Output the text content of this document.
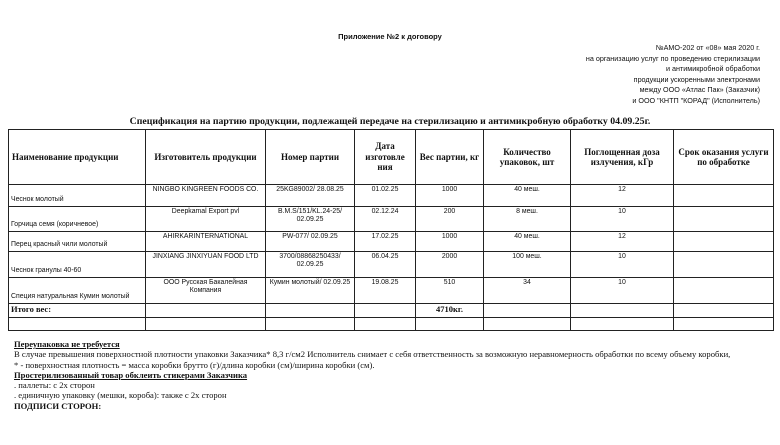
Приложение №2 к договору
№АМО-202 от «08» мая 2020 г.
на организацию услуг по проведению стерилизации
и антимикробной обработки
продукции ускоренными электронами
между ООО «Атлас Пак» (Заказчик)
и ООО "КНТП "КОРАД" (Исполнитель)
Спецификация на партию продукции, подлежащей передаче на стерилизацию и антимикробную обработку 04.09.25г.
Наименование продукции	Изготовитель продукции	Номер партии	Дата изготовле ния	Вес партии, кг	Количество упаковок, шт	Поглощенная доза излучения, кГр	Срок оказания услуги по обработке
Чеснок молотый	NINGBO KINGREEN FOODS CO.	25KG89002/ 28.08.25	01.02.25	1000	40 меш.	12	
Горчица семя (коричневое)	Deepkamal Export pvl	B.M.S/151/KL.24-25/ 02.09.25	02.12.24	200	8 меш.	10	
Перец красный чили молотый	AHIRKARINTERNATIONAL	PW-077/ 02.09.25	17.02.25	1000	40 меш.	12	
Чеснок гранулы 40-60	JINXIANG JINXIYUAN FOOD LTD	3700/08868250433/ 02.09.25	06.04.25	2000	100 меш.	10	
Специя натуральная Кумин молотый	ООО Русская Бакалейная Компания	Кумин молотый/ 02.09.25	19.08.25	510	34	10	
Итого вес:				4710кг.			

Переупаковка не требуется
В случае превышения поверхностной плотности упаковки Заказчика* 8,3 г/см2 Исполнитель снимает с себя ответственность за возможную неравномерность обработки по всему объему коробки,
* - поверхностная плотность = масса коробки брутто (г)/длина коробки (см)/ширина коробки (см).
Простерилизованный товар обклеить стикерами Заказчика
. паллеты: с 2х сторон
. единичную упаковку (мешки, короба): также с 2х сторон
ПОДПИСИ СТОРОН:
